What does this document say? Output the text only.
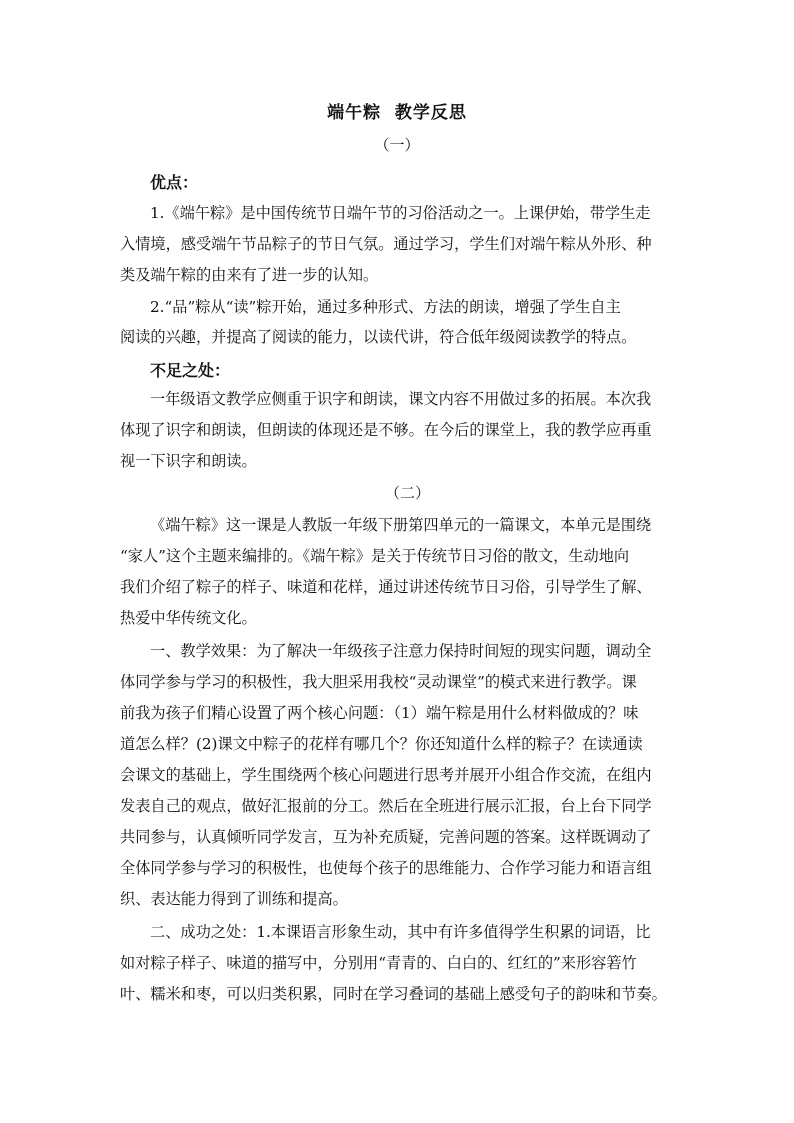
端午粽  教学反思
（一）
优点：
1.《端午粽》是中国传统节日端午节的习俗活动之一。上课伊始，带学生走
入情境，感受端午节品粽子的节日气氛。通过学习，学生们对端午粽从外形、种
类及端午粽的由来有了进一步的认知。
2.“品”粽从“读”粽开始，通过多种形式、方法的朗读，增强了学生自主
阅读的兴趣，并提高了阅读的能力，以读代讲，符合低年级阅读教学的特点。
不足之处：
一年级语文教学应侧重于识字和朗读，课文内容不用做过多的拓展。本次我
体现了识字和朗读，但朗读的体现还是不够。在今后的课堂上，我的教学应再重
视一下识字和朗读。
（二）
《端午粽》这一课是人教版一年级下册第四单元的一篇课文，本单元是围绕
“家人”这个主题来编排的。《端午粽》是关于传统节日习俗的散文，生动地向
我们介绍了粽子的样子、味道和花样，通过讲述传统节日习俗，引导学生了解、
热爱中华传统文化。
一、教学效果：为了解决一年级孩子注意力保持时间短的现实问题，调动全
体同学参与学习的积极性，我大胆采用我校“灵动课堂”的模式来进行教学。课
前我为孩子们精心设置了两个核心问题：（1）端午粽是用什么材料做成的？味
道怎么样？(2)课文中粽子的花样有哪几个？你还知道什么样的粽子？在读通读
会课文的基础上，学生围绕两个核心问题进行思考并展开小组合作交流，在组内
发表自己的观点，做好汇报前的分工。然后在全班进行展示汇报，台上台下同学
共同参与，认真倾听同学发言，互为补充质疑，完善问题的答案。这样既调动了
全体同学参与学习的积极性，也使每个孩子的思维能力、合作学习能力和语言组
织、表达能力得到了训练和提高。
二、成功之处：1.本课语言形象生动，其中有许多值得学生积累的词语，比
如对粽子样子、味道的描写中，分别用“青青的、白白的、红红的”来形容箬竹
叶、糯米和枣，可以归类积累，同时在学习叠词的基础上感受句子的韵味和节奏。
